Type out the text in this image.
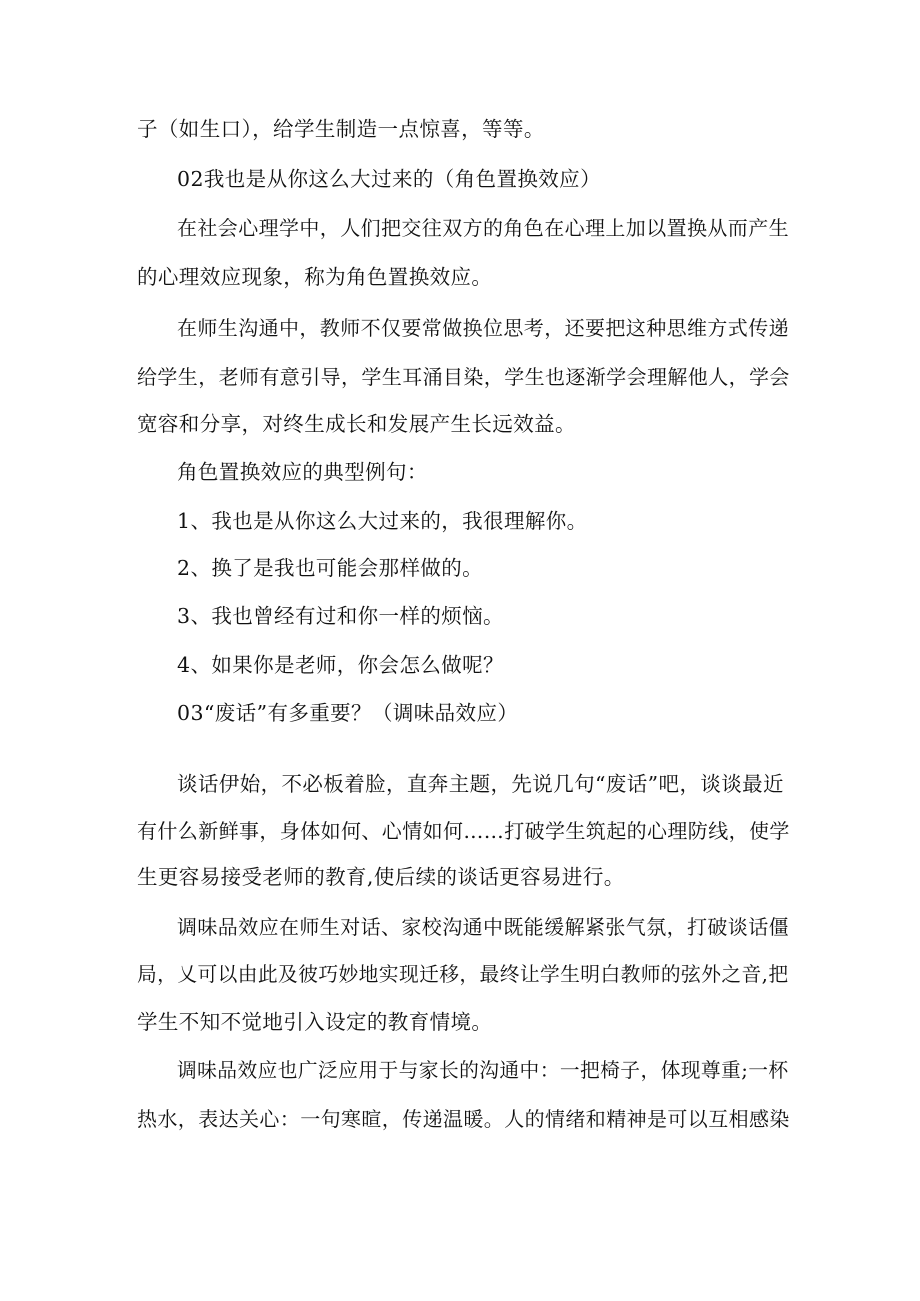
子（如生口），给学生制造一点惊喜，等等。
02我也是从你这么大过来的（角色置换效应）
在社会心理学中，人们把交往双方的角色在心理上加以置换从而产生
的心理效应现象，称为角色置换效应。
在师生沟通中，教师不仅要常做换位思考，还要把这种思维方式传递
给学生，老师有意引导，学生耳涌目染，学生也逐渐学会理解他人，学会
宽容和分享，对终生成长和发展产生长远效益。
角色置换效应的典型例句：
1、我也是从你这么大过来的，我很理解你。
2、换了是我也可能会那样做的。
3、我也曾经有过和你一样的烦恼。
4、如果你是老师，你会怎么做呢？
03“废话”有多重要？（调味品效应）
谈话伊始，不必板着脸，直奔主题，先说几句“废话”吧，谈谈最近
有什么新鲜事，身体如何、心情如何……打破学生筑起的心理防线，使学
生更容易接受老师的教育,使后续的谈话更容易进行。
调味品效应在师生对话、家校沟通中既能缓解紧张气氛，打破谈话僵
局，乂可以由此及彼巧妙地实现迁移，最终让学生明白教师的弦外之音,把
学生不知不觉地引入设定的教育情境。
调味品效应也广泛应用于与家长的沟通中：一把椅子，体现尊重;一杯
热水，表达关心：一句寒暄，传递温暖。人的情绪和精神是可以互相感染
